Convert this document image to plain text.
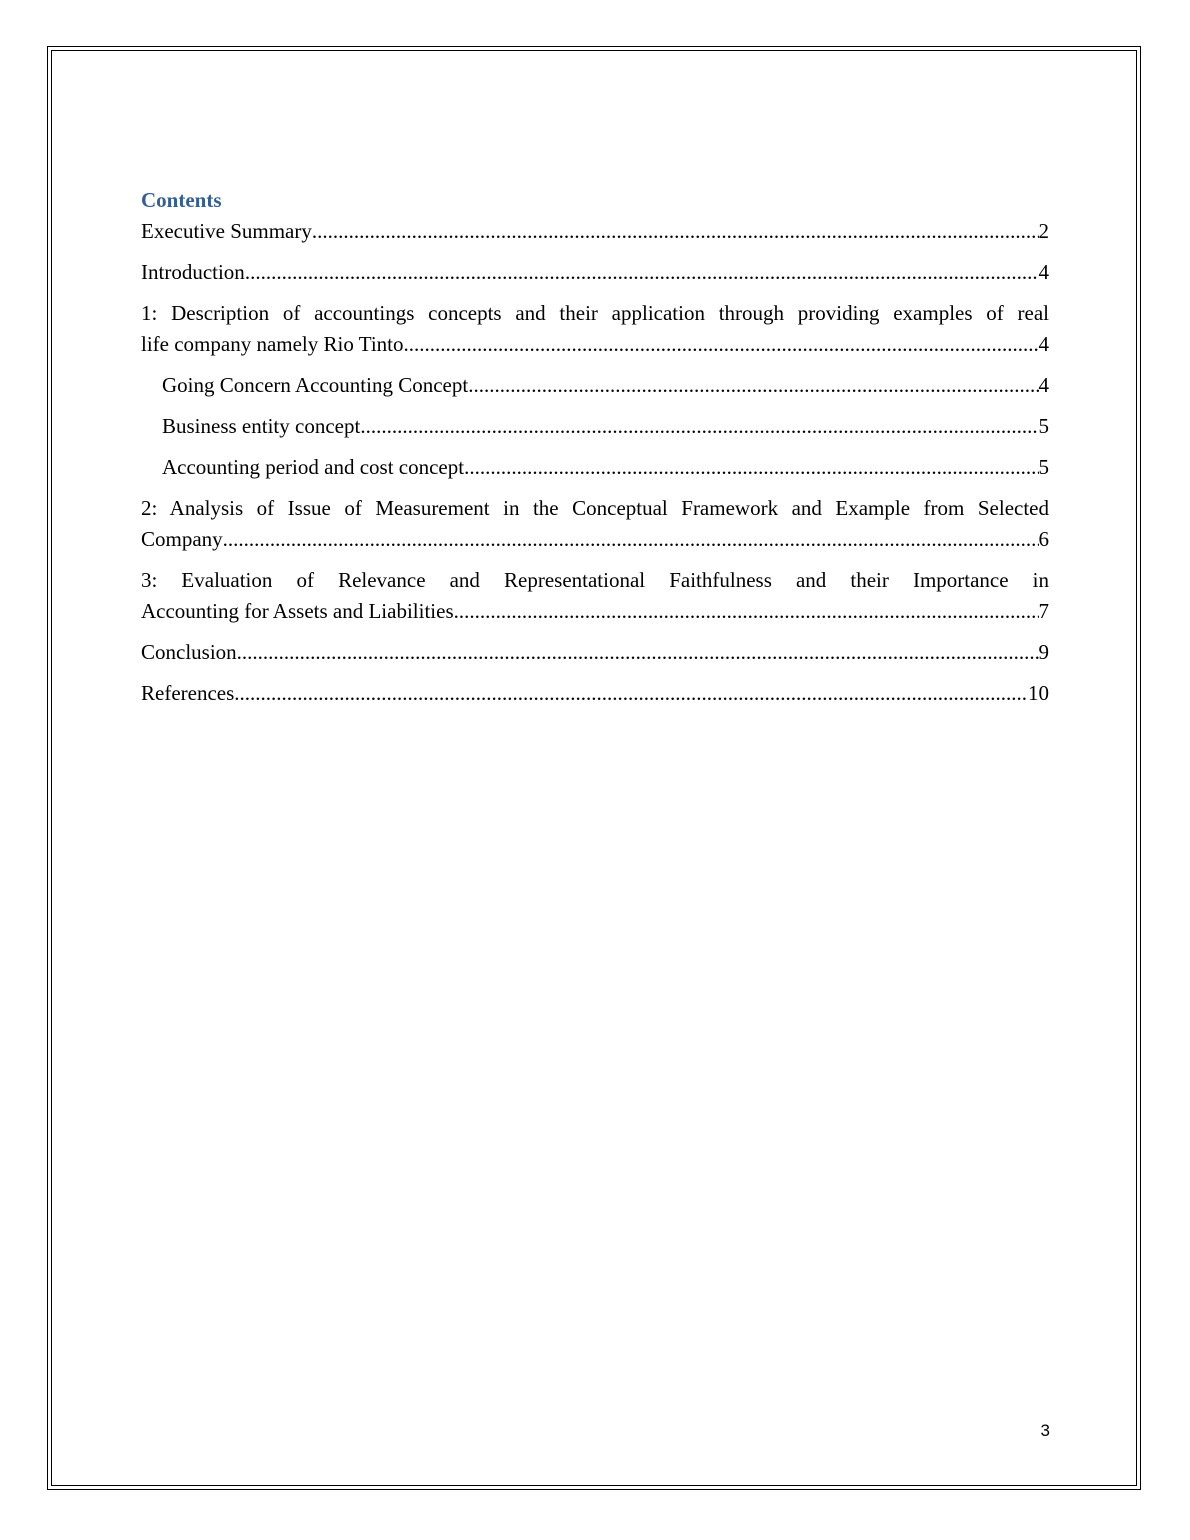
Contents
Executive Summary .....	2
Introduction .....	4
1: Description of accountings concepts and their application through providing examples of real
life company namely Rio Tinto .....	4
Going Concern Accounting Concept .....	4
Business entity concept .....	5
Accounting period and cost concept .....	5
2: Analysis of Issue of Measurement in the Conceptual Framework and Example from Selected
Company .....	6
3: Evaluation of Relevance and Representational Faithfulness and their Importance in
Accounting for Assets and Liabilities .....	7
Conclusion .....	9
References .....	10
3
